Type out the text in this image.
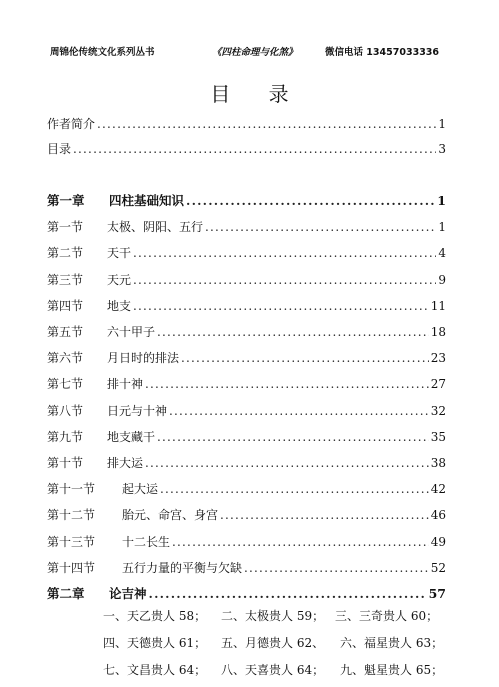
周锦伦传统文化系列丛书	《四柱命理与化煞》	微信电话 13457033336
目 录
作者简介 .....	1
目录 .....	3
第一章	四柱基础知识 .....	1
第一节	太极、阴阳、五行 .....	1
第二节	天干 .....	4
第三节	天元 .....	9
第四节	地支 .....	11
第五节	六十甲子 .....	18
第六节	月日时的排法 .....	23
第七节	排十神 .....	27
第八节	日元与十神 .....	32
第九节	地支藏干 .....	35
第十节	排大运 .....	38
第十一节	起大运 .....	42
第十二节	胎元、命宫、身宫 .....	46
第十三节	十二长生 .....	49
第十四节	五行力量的平衡与欠缺 .....	52
第二章	论吉神 .....	57
一、天乙贵人 58； 二、太极贵人 59； 三、三奇贵人 60；
四、天德贵人 61； 五、月德贵人 62、 六、福星贵人 63；
七、文昌贵人 64； 八、天喜贵人 64； 九、魁星贵人 65；
